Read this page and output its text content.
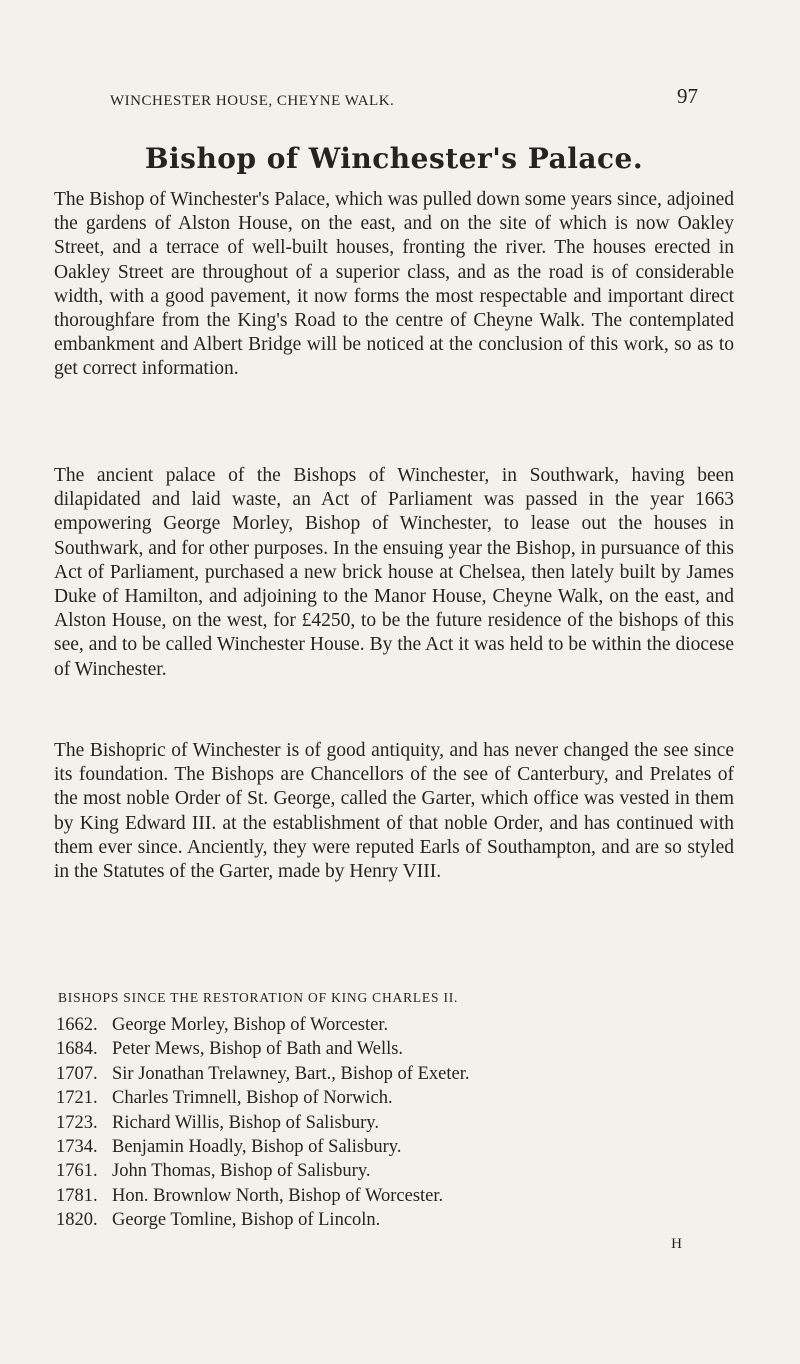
WINCHESTER HOUSE, CHEYNE WALK.	97
Bishop of Winchester's Palace.

The Bishop of Winchester's Palace, which was pulled down some years since, adjoined the gardens of Alston House, on the east, and on the site of which is now Oakley Street, and a terrace of well-built houses, fronting the river. The houses erected in Oakley Street are throughout of a superior class, and as the road is of considerable width, with a good pavement, it now forms the most respectable and important direct thoroughfare from the King's Road to the centre of Cheyne Walk. The contemplated embankment and Albert Bridge will be noticed at the conclusion of this work, so as to get correct information.

The ancient palace of the Bishops of Winchester, in Southwark, having been dilapidated and laid waste, an Act of Parliament was passed in the year 1663 empowering George Morley, Bishop of Winchester, to lease out the houses in Southwark, and for other purposes. In the ensuing year the Bishop, in pursuance of this Act of Parliament, purchased a new brick house at Chelsea, then lately built by James Duke of Hamilton, and adjoining to the Manor House, Cheyne Walk, on the east, and Alston House, on the west, for £4250, to be the future residence of the bishops of this see, and to be called Winchester House. By the Act it was held to be within the diocese of Winchester.

The Bishopric of Winchester is of good antiquity, and has never changed the see since its foundation. The Bishops are Chancellors of the see of Canterbury, and Prelates of the most noble Order of St. George, called the Garter, which office was vested in them by King Edward III. at the establishment of that noble Order, and has continued with them ever since. Anciently, they were reputed Earls of Southampton, and are so styled in the Statutes of the Garter, made by Henry VIII.

BISHOPS SINCE THE RESTORATION OF KING CHARLES II.

1662. George Morley, Bishop of Worcester.
1684. Peter Mews, Bishop of Bath and Wells.
1707. Sir Jonathan Trelawney, Bart., Bishop of Exeter.
1721. Charles Trimnell, Bishop of Norwich.
1723. Richard Willis, Bishop of Salisbury.
1734. Benjamin Hoadly, Bishop of Salisbury.
1761. John Thomas, Bishop of Salisbury.
1781. Hon. Brownlow North, Bishop of Worcester.
1820. George Tomline, Bishop of Lincoln.
H
